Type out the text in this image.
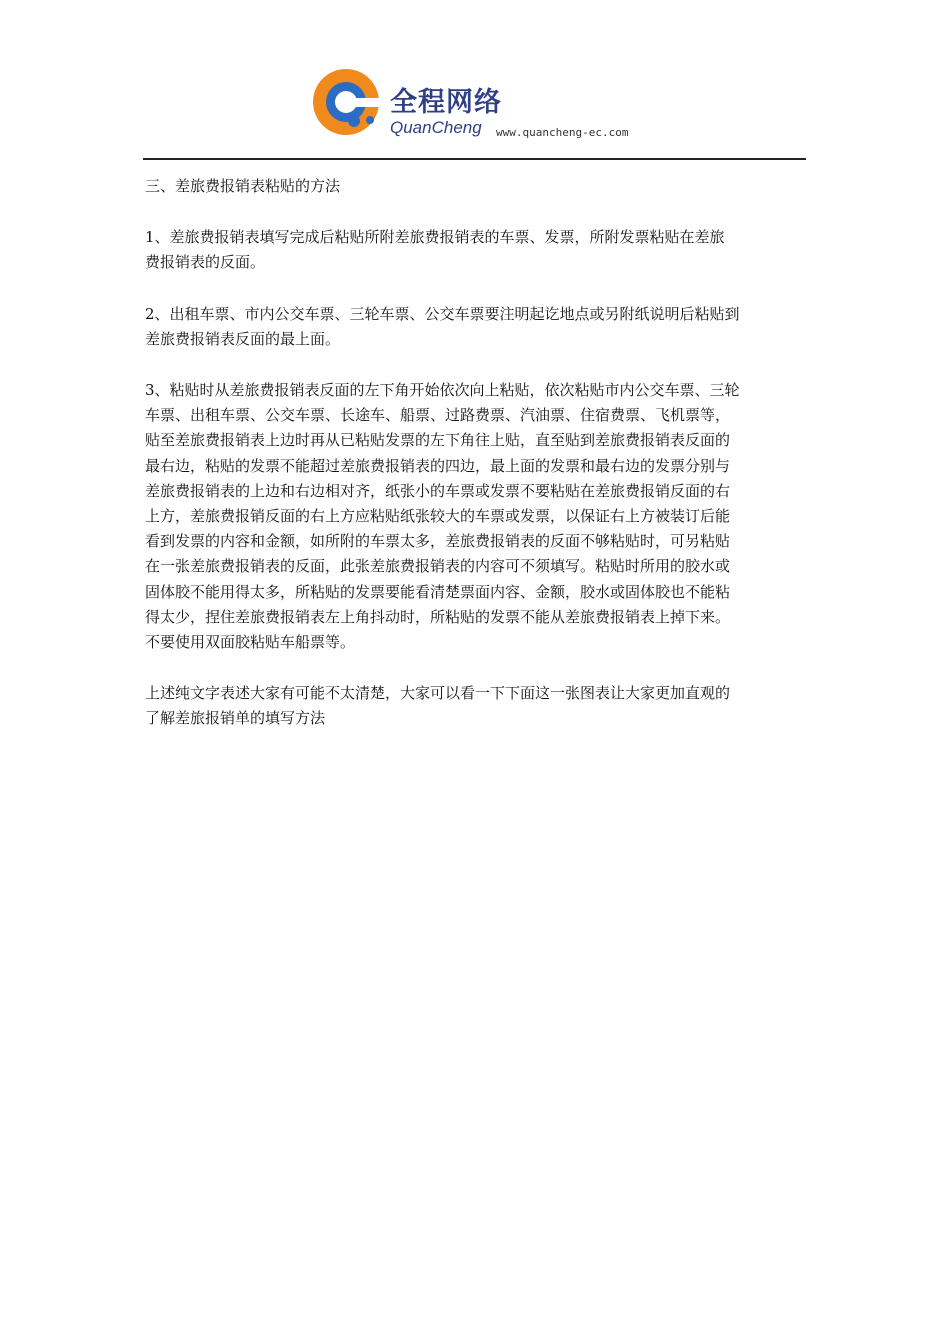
全程网络
QuanCheng www.quancheng-ec.com

三、差旅费报销表粘贴的方法

1、差旅费报销表填写完成后粘贴所附差旅费报销表的车票、发票，所附发票粘贴在差旅
费报销表的反面。

2、出租车票、市内公交车票、三轮车票、公交车票要注明起讫地点或另附纸说明后粘贴到
差旅费报销表反面的最上面。

3、粘贴时从差旅费报销表反面的左下角开始依次向上粘贴，依次粘贴市内公交车票、三轮
车票、出租车票、公交车票、长途车、船票、过路费票、汽油票、住宿费票、飞机票等，
贴至差旅费报销表上边时再从已粘贴发票的左下角往上贴，直至贴到差旅费报销表反面的
最右边，粘贴的发票不能超过差旅费报销表的四边，最上面的发票和最右边的发票分别与
差旅费报销表的上边和右边相对齐，纸张小的车票或发票不要粘贴在差旅费报销反面的右
上方，差旅费报销反面的右上方应粘贴纸张较大的车票或发票，以保证右上方被装订后能
看到发票的内容和金额，如所附的车票太多，差旅费报销表的反面不够粘贴时，可另粘贴
在一张差旅费报销表的反面，此张差旅费报销表的内容可不须填写。粘贴时所用的胶水或
固体胶不能用得太多，所粘贴的发票要能看清楚票面内容、金额，胶水或固体胶也不能粘
得太少，捏住差旅费报销表左上角抖动时，所粘贴的发票不能从差旅费报销表上掉下来。
不要使用双面胶粘贴车船票等。

上述纯文字表述大家有可能不太清楚，大家可以看一下下面这一张图表让大家更加直观的
了解差旅报销单的填写方法
